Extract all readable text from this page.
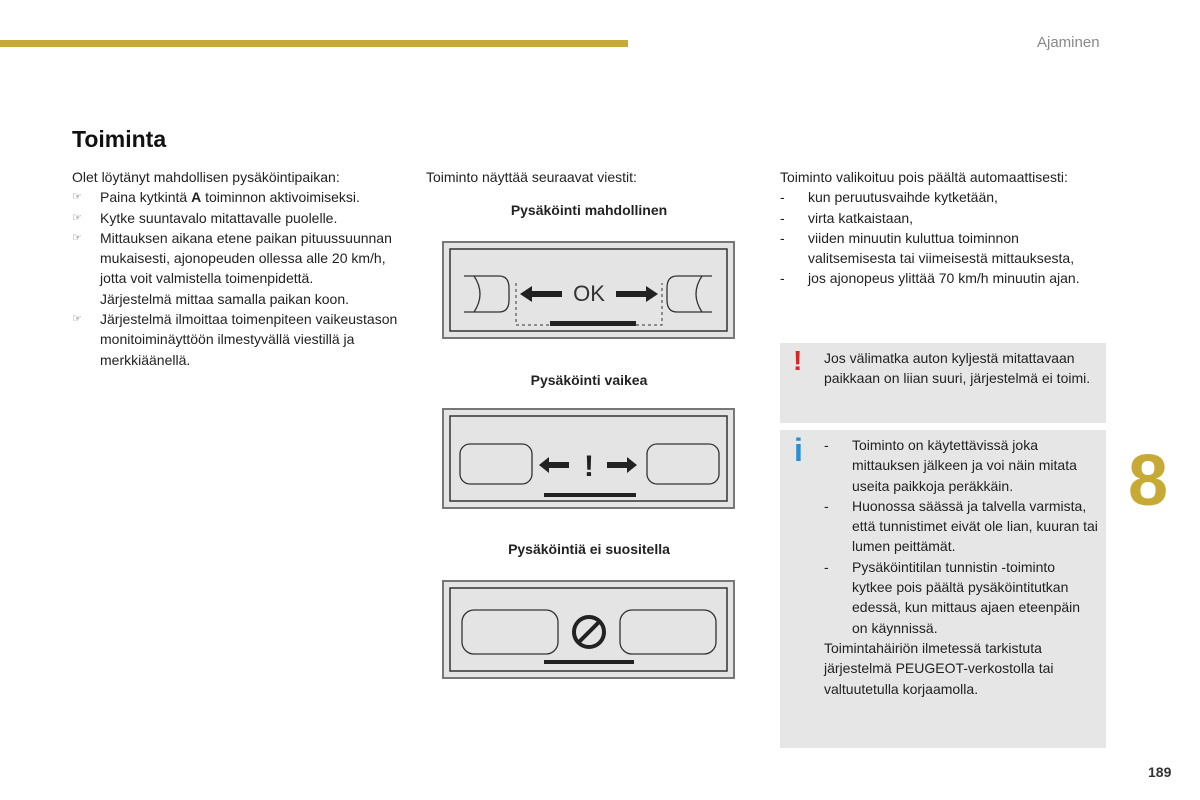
Ajaminen
Toiminta

Olet löytänyt mahdollisen pysäköintipaikan:

☞ Paina kytkintä A toiminnon aktivoimiseksi.
☞ Kytke suuntavalo mitattavalle puolelle.
☞ Mittauksen aikana etene paikan pituussuunnan mukaisesti, ajonopeuden ollessa alle 20 km/h, jotta voit valmistella toimenpidettä.
Järjestelmä mittaa samalla paikan koon.
☞ Järjestelmä ilmoittaa toimenpiteen vaikeustason monitoiminäyttöön ilmestyvällä viestillä ja merkkiäänellä.
Toiminto näyttää seuraavat viestit:
Pysäköinti mahdollinen
Pysäköinti vaikea
Pysäköintiä ei suositella
OK
!

Toiminto valikoituu pois päältä automaattisesti:

- kun peruutusvaihde kytketään,
- virta katkaistaan,
- viiden minuutin kuluttua toiminnon valitsemisesta tai viimeisestä mittauksesta,
- jos ajonopeus ylittää 70 km/h minuutin ajan.
! Jos välimatka auton kyljestä mitattavaan paikkaan on liian suuri, järjestelmä ei toimi.
i - Toiminto on käytettävissä joka mittauksen jälkeen ja voi näin mitata useita paikkoja peräkkäin.
- Huonossa säässä ja talvella varmista, että tunnistimet eivät ole lian, kuuran tai lumen peittämät.
- Pysäköintitilan tunnistin -toiminto kytkee pois päältä pysäköintitutkan edessä, kun mittaus ajaen eteenpäin on käynnissä.

Toimintahäiriön ilmetessä tarkistuta järjestelmä PEUGEOT-verkostolla tai valtuutetulla korjaamolla.

8
189
